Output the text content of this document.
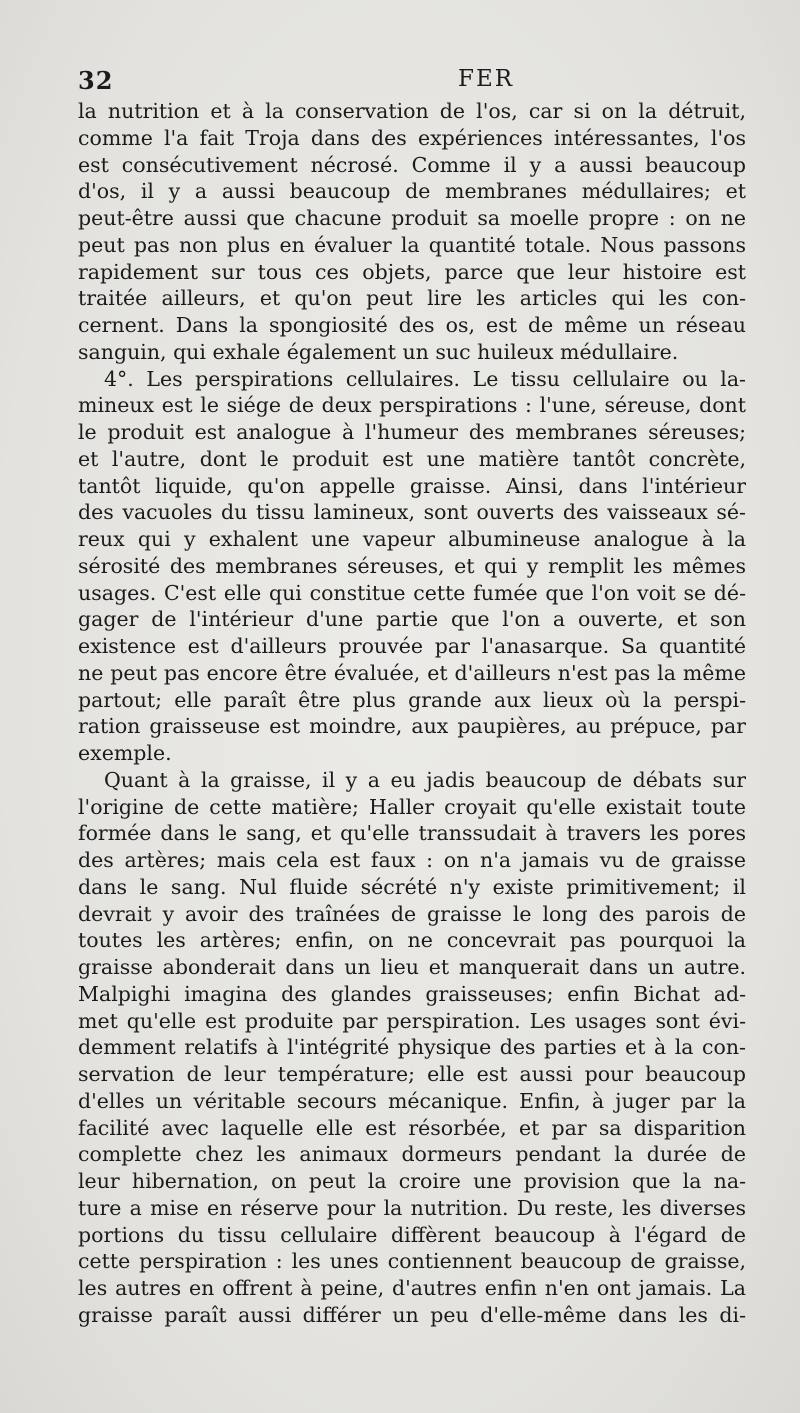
32	FER
la nutrition et à la conservation de l'os, car si on la détruit,
comme l'a fait Troja dans des expériences intéressantes, l'os
est consécutivement nécrosé. Comme il y a aussi beaucoup
d'os, il y a aussi beaucoup de membranes médullaires; et
peut-être aussi que chacune produit sa moelle propre : on ne
peut pas non plus en évaluer la quantité totale. Nous passons
rapidement sur tous ces objets, parce que leur histoire est
traitée ailleurs, et qu'on peut lire les articles qui les con-
cernent. Dans la spongiosité des os, est de même un réseau
sanguin, qui exhale également un suc huileux médullaire.
4°. Les perspirations cellulaires. Le tissu cellulaire ou la-
mineux est le siége de deux perspirations : l'une, séreuse, dont
le produit est analogue à l'humeur des membranes séreuses;
et l'autre, dont le produit est une matière tantôt concrète,
tantôt liquide, qu'on appelle graisse. Ainsi, dans l'intérieur
des vacuoles du tissu lamineux, sont ouverts des vaisseaux sé-
reux qui y exhalent une vapeur albumineuse analogue à la
sérosité des membranes séreuses, et qui y remplit les mêmes
usages. C'est elle qui constitue cette fumée que l'on voit se dé-
gager de l'intérieur d'une partie que l'on a ouverte, et son
existence est d'ailleurs prouvée par l'anasarque. Sa quantité
ne peut pas encore être évaluée, et d'ailleurs n'est pas la même
partout; elle paraît être plus grande aux lieux où la perspi-
ration graisseuse est moindre, aux paupières, au prépuce, par
exemple.
Quant à la graisse, il y a eu jadis beaucoup de débats sur
l'origine de cette matière; Haller croyait qu'elle existait toute
formée dans le sang, et qu'elle transsudait à travers les pores
des artères; mais cela est faux : on n'a jamais vu de graisse
dans le sang. Nul fluide sécrété n'y existe primitivement; il
devrait y avoir des traînées de graisse le long des parois de
toutes les artères; enfin, on ne concevrait pas pourquoi la
graisse abonderait dans un lieu et manquerait dans un autre.
Malpighi imagina des glandes graisseuses; enfin Bichat ad-
met qu'elle est produite par perspiration. Les usages sont évi-
demment relatifs à l'intégrité physique des parties et à la con-
servation de leur température; elle est aussi pour beaucoup
d'elles un véritable secours mécanique. Enfin, à juger par la
facilité avec laquelle elle est résorbée, et par sa disparition
complette chez les animaux dormeurs pendant la durée de
leur hibernation, on peut la croire une provision que la na-
ture a mise en réserve pour la nutrition. Du reste, les diverses
portions du tissu cellulaire diffèrent beaucoup à l'égard de
cette perspiration : les unes contiennent beaucoup de graisse,
les autres en offrent à peine, d'autres enfin n'en ont jamais. La
graisse paraît aussi différer un peu d'elle-même dans les di-
